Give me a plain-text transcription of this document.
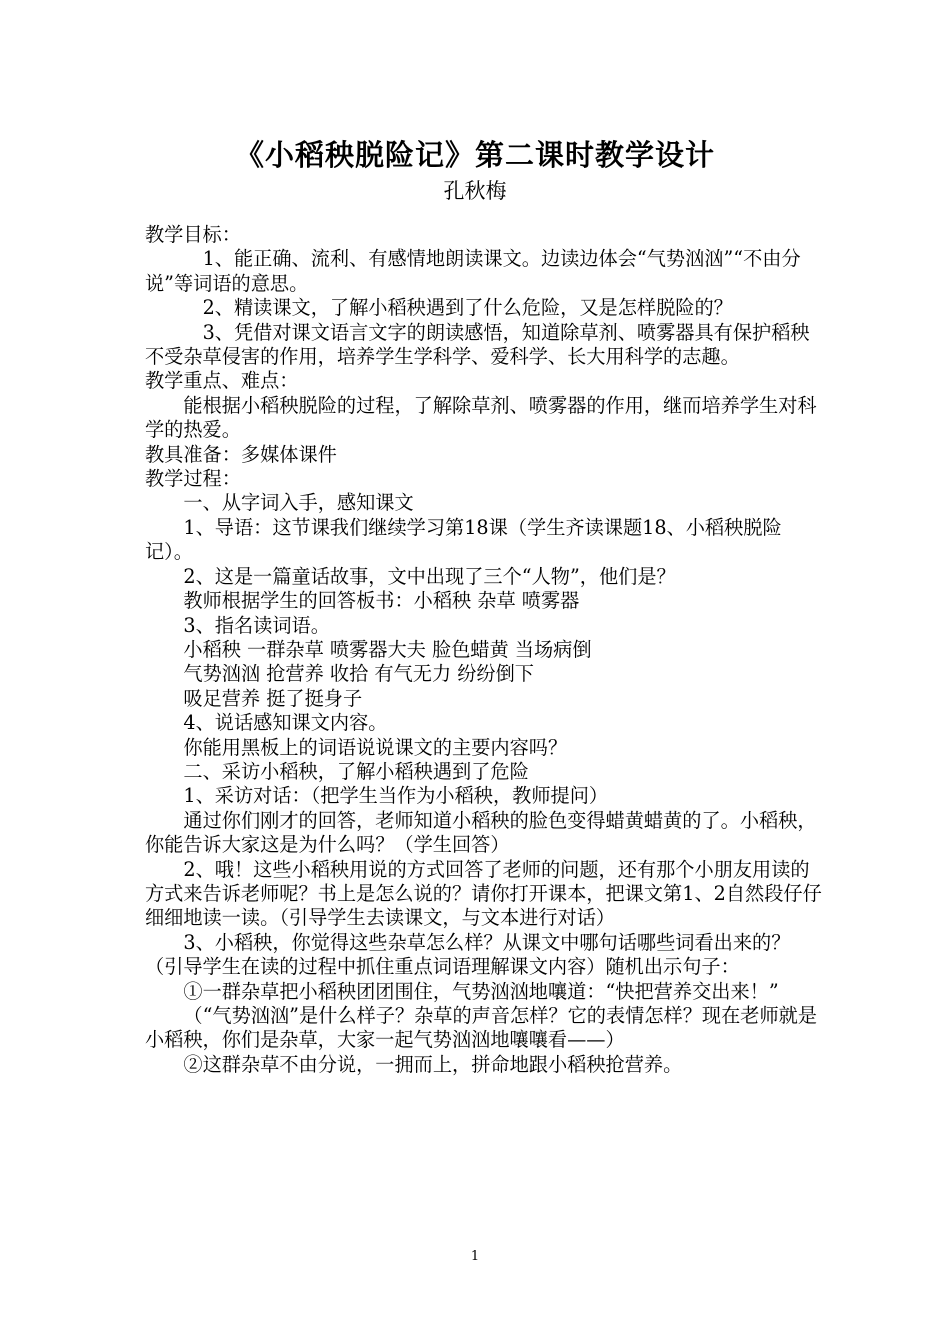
《小稻秧脱险记》第二课时教学设计
孔秋梅

教学目标：

1、能正确、流利、有感情地朗读课文。边读边体会“气势汹汹”“不由分说”等词语的意思。

2、精读课文，了解小稻秧遇到了什么危险，又是怎样脱险的？

3、凭借对课文语言文字的朗读感悟，知道除草剂、喷雾器具有保护稻秧不受杂草侵害的作用，培养学生学科学、爱科学、长大用科学的志趣。

教学重点、难点：

能根据小稻秧脱险的过程，了解除草剂、喷雾器的作用，继而培养学生对科学的热爱。

教具准备：多媒体课件

教学过程：

一、从字词入手，感知课文

1、导语：这节课我们继续学习第18课（学生齐读课题18、小稻秧脱险记）。

2、这是一篇童话故事，文中出现了三个“人物”，他们是？

教师根据学生的回答板书：小稻秧 杂草 喷雾器

3、指名读词语。

小稻秧 一群杂草 喷雾器大夫 脸色蜡黄 当场病倒

气势汹汹 抢营养 收拾 有气无力 纷纷倒下

吸足营养 挺了挺身子

4、说话感知课文内容。

你能用黑板上的词语说说课文的主要内容吗？

二、采访小稻秧，了解小稻秧遇到了危险

1、采访对话：（把学生当作为小稻秧，教师提问）

通过你们刚才的回答，老师知道小稻秧的脸色变得蜡黄蜡黄的了。小稻秧，你能告诉大家这是为什么吗？（学生回答）

2、哦！这些小稻秧用说的方式回答了老师的问题，还有那个小朋友用读的方式来告诉老师呢？书上是怎么说的？请你打开课本，把课文第1、2自然段仔仔细细地读一读。（引导学生去读课文，与文本进行对话）

3、小稻秧，你觉得这些杂草怎么样？从课文中哪句话哪些词看出来的？（引导学生在读的过程中抓住重点词语理解课文内容）随机出示句子：

①一群杂草把小稻秧团团围住，气势汹汹地嚷道：“快把营养交出来！”

（“气势汹汹”是什么样子？杂草的声音怎样？它的表情怎样？现在老师就是小稻秧，你们是杂草，大家一起气势汹汹地嚷嚷看——）

②这群杂草不由分说，一拥而上，拼命地跟小稻秧抢营养。

1
